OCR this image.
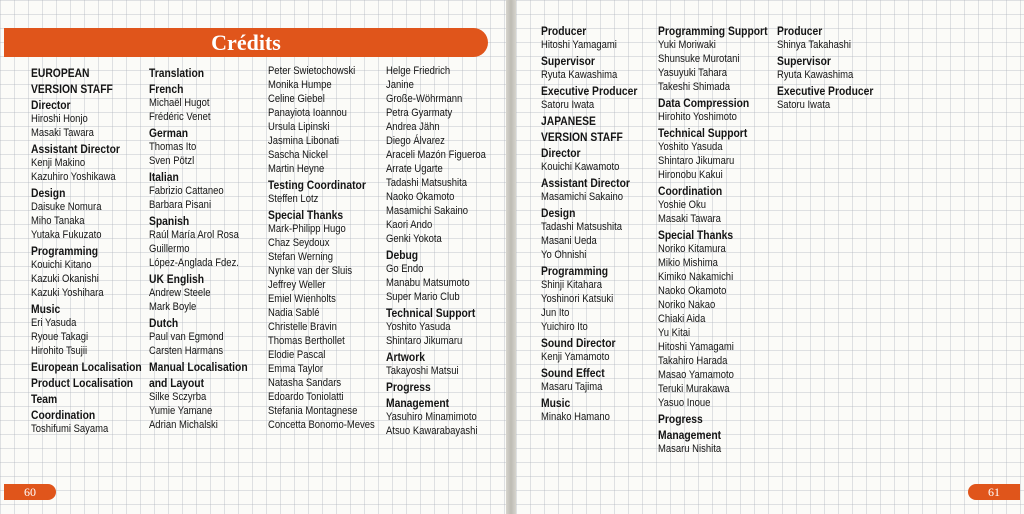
Crédits
EUROPEAN
VERSION STAFF
Director
Hiroshi Honjo
Masaki Tawara
Assistant Director
Kenji Makino
Kazuhiro Yoshikawa
Design
Daisuke Nomura
Miho Tanaka
Yutaka Fukuzato
Programming
Kouichi Kitano
Kazuki Okanishi
Kazuki Yoshihara
Music
Eri Yasuda
Ryoue Takagi
Hirohito Tsujii
European Localisation
Product Localisation
Team
Coordination
Toshifumi Sayama
Translation
French
Michaël Hugot
Frédéric Venet
German
Thomas Ito
Sven Pötzl
Italian
Fabrizio Cattaneo
Barbara Pisani
Spanish
Raúl María Arol Rosa
Guillermo
López-Anglada Fdez.
UK English
Andrew Steele
Mark Boyle
Dutch
Paul van Egmond
Carsten Harmans
Manual Localisation
and Layout
Silke Sczyrba
Yumie Yamane
Adrian Michalski
Peter Swietochowski
Monika Humpe
Celine Giebel
Panayiota Ioannou
Ursula Lipinski
Jasmina Libonati
Sascha Nickel
Martin Heyne
Testing Coordinator
Steffen Lotz
Special Thanks
Mark-Philipp Hugo
Chaz Seydoux
Stefan Werning
Nynke van der Sluis
Jeffrey Weller
Emiel Wienholts
Nadia Sablé
Christelle Bravin
Thomas Berthollet
Elodie Pascal
Emma Taylor
Natasha Sandars
Edoardo Toniolatti
Stefania Montagnese
Concetta Bonomo-Meves
Helge Friedrich
Janine
Große-Wöhrmann
Petra Gyarmaty
Andrea Jähn
Diego Álvarez
Araceli Mazón Figueroa
Arrate Ugarte
Tadashi Matsushita
Naoko Okamoto
Masamichi Sakaino
Kaori Ando
Genki Yokota
Debug
Go Endo
Manabu Matsumoto
Super Mario Club
Technical Support
Yoshito Yasuda
Shintaro Jikumaru
Artwork
Takayoshi Matsui
Progress
Management
Yasuhiro Minamimoto
Atsuo Kawarabayashi
60
Producer
Hitoshi Yamagami
Supervisor
Ryuta Kawashima
Executive Producer
Satoru Iwata
JAPANESE
VERSION STAFF
Director
Kouichi Kawamoto
Assistant Director
Masamichi Sakaino
Design
Tadashi Matsushita
Masani Ueda
Yo Ohnishi
Programming
Shinji Kitahara
Yoshinori Katsuki
Jun Ito
Yuichiro Ito
Sound Director
Kenji Yamamoto
Sound Effect
Masaru Tajima
Music
Minako Hamano
Programming Support
Yuki Moriwaki
Shunsuke Murotani
Yasuyuki Tahara
Takeshi Shimada
Data Compression
Hirohito Yoshimoto
Technical Support
Yoshito Yasuda
Shintaro Jikumaru
Hironobu Kakui
Coordination
Yoshie Oku
Masaki Tawara
Special Thanks
Noriko Kitamura
Mikio Mishima
Kimiko Nakamichi
Naoko Okamoto
Noriko Nakao
Chiaki Aida
Yu Kitai
Hitoshi Yamagami
Takahiro Harada
Masao Yamamoto
Teruki Murakawa
Yasuo Inoue
Progress
Management
Masaru Nishita
Producer
Shinya Takahashi
Supervisor
Ryuta Kawashima
Executive Producer
Satoru Iwata
61
